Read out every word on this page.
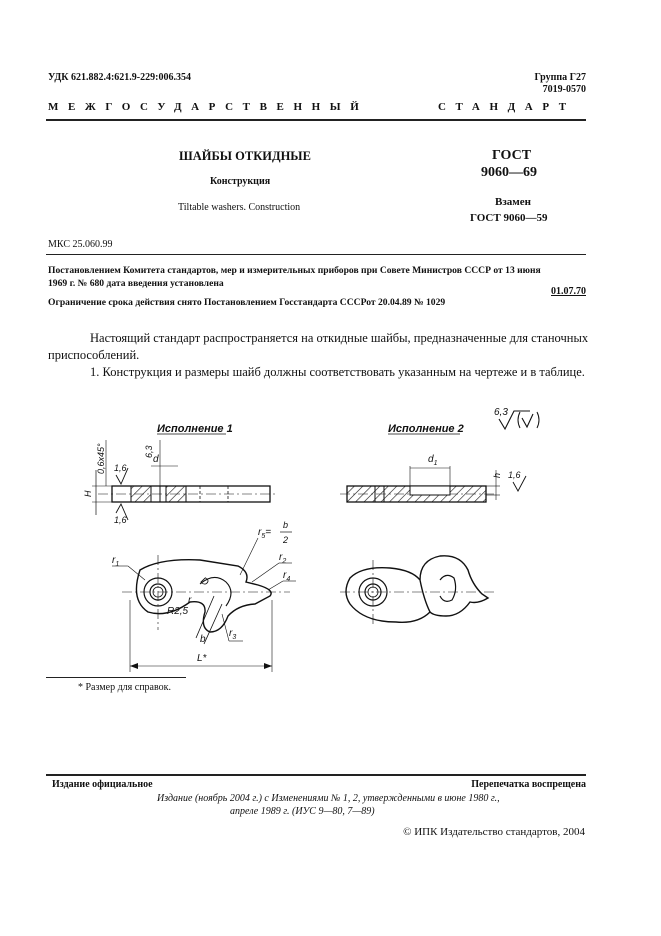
УДК 621.882.4:621.9-229:006.354	Группа Г27
7019-0570
МЕЖГОСУДАРСТВЕННЫЙ	СТАНДАРТ
ШАЙБЫ ОТКИДНЫЕ
Конструкция
Tiltable washers. Construction
ГОСТ
9060—69
Взамен
ГОСТ 9060—59
МКС 25.060.99
Постановлением Комитета стандартов, мер и измерительных приборов при Совете Министров СССР от 13 июня
1969 г. № 680 дата введения установлена
01.07.70
Ограничение срока действия снято Постановлением Госстандарта СССРот 20.04.89 № 1029
Настоящий стандарт распространяется на откидные шайбы, предназначенные для станочных
приспособлений.
1. Конструкция и размеры шайб должны соответствовать указанным на чертеже и в таблице.
Исполнение 1	Исполнение 2
6,3
H
0,6x45° 1,6
1,6
6,3
d	$d_1$
h 1,6
L*
$r_1$
$r_5=$
b
2
$r_2$
$r_4$
D
r
R2,5
b
$r_3$
* Размер для справок.
Издание официальное	Перепечатка воспрещена
Издание (ноябрь 2004 г.) с Изменениями № 1, 2, утвержденными в июне 1980 г.,
апреле 1989 г. (ИУС 9—80, 7—89)
© ИПК Издательство стандартов, 2004
